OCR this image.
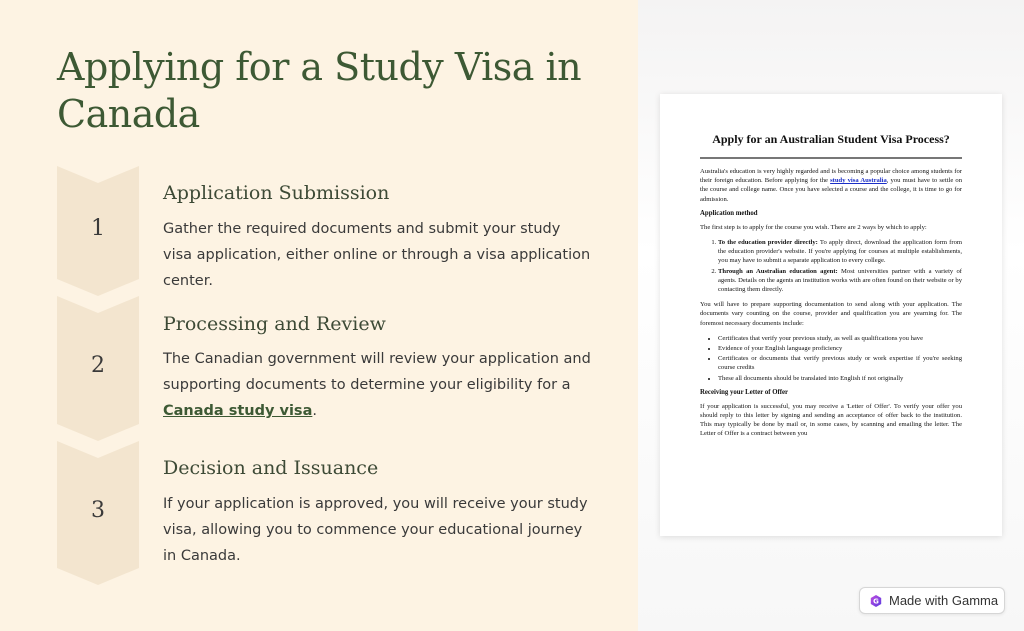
Applying for a Study Visa in Canada
1
Application Submission
Gather the required documents and submit your study visa application, either online or through a visa application center.
2
Processing and Review
The Canadian government will review your application and supporting documents to determine your eligibility for a Canada study visa.
3
Decision and Issuance
If your application is approved, you will receive your study visa, allowing you to commence your educational journey in Canada.
Apply for an Australian Student Visa Process?

Australia's education is very highly regarded and is becoming a popular choice among students for their foreign education. Before applying for the study visa Australia, you must have to settle on the course and college name. Once you have selected a course and the college, it is time to go for admission.

Application method

The first step is to apply for the course you wish. There are 2 ways by which to apply:

1. To the education provider directly: To apply direct, download the application form from the education provider's website. If you're applying for courses at multiple establishments, you may have to submit a separate application to every college.
2. Through an Australian education agent: Most universities partner with a variety of agents. Details on the agents an institution works with are often found on their website or by contacting them directly.

You will have to prepare supporting documentation to send along with your application. The documents vary counting on the course, provider and qualification you are yearning for. The foremost necessary documents include:

• Certificates that verify your previous study, as well as qualifications you have
• Evidence of your English language proficiency
• Certificates or documents that verify previous study or work expertise if you're seeking course credits
• These all documents should be translated into English if not originally
Receiving your Letter of Offer

If your application is successful, you may receive a 'Letter of Offer'. To verify your offer you should reply to this letter by signing and sending an acceptance of offer back to the institution. This may typically be done by mail or, in some cases, by scanning and emailing the letter. The Letter of Offer is a contract between you

G Made with Gamma
